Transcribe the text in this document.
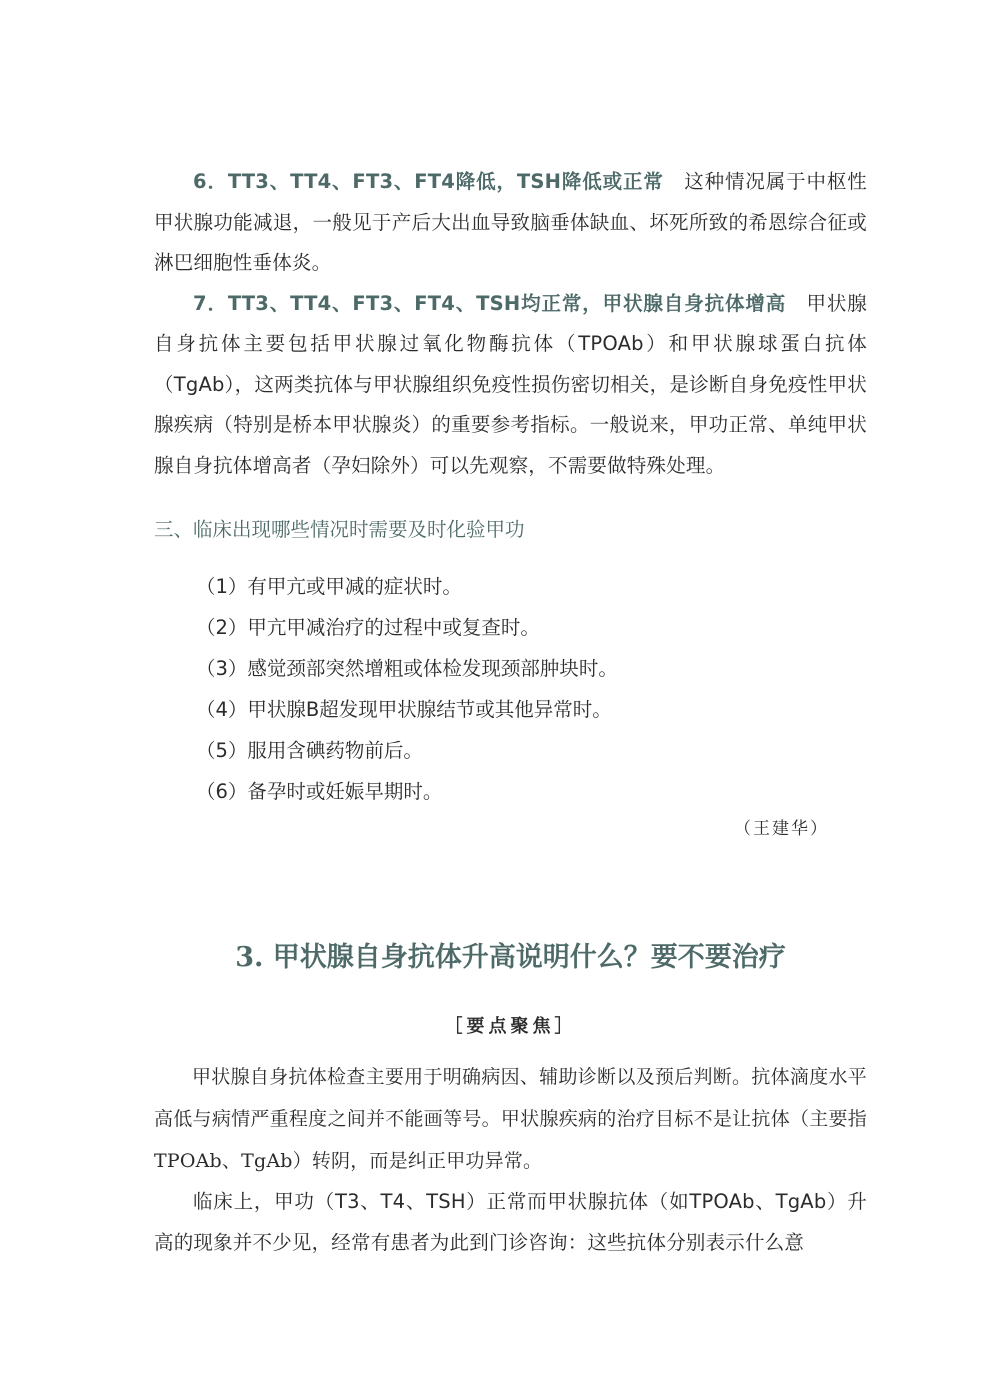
6．TT3、TT4、FT3、FT4降低，TSH降低或正常　这种情况属于中枢性甲状腺功能减退，一般见于产后大出血导致脑垂体缺血、坏死所致的希恩综合征或淋巴细胞性垂体炎。

7．TT3、TT4、FT3、FT4、TSH均正常，甲状腺自身抗体增高　甲状腺自身抗体主要包括甲状腺过氧化物酶抗体（TPOAb）和甲状腺球蛋白抗体（TgAb），这两类抗体与甲状腺组织免疫性损伤密切相关，是诊断自身免疫性甲状腺疾病（特别是桥本甲状腺炎）的重要参考指标。一般说来，甲功正常、单纯甲状腺自身抗体增高者（孕妇除外）可以先观察，不需要做特殊处理。

三、临床出现哪些情况时需要及时化验甲功
（1）有甲亢或甲减的症状时。
（2）甲亢甲减治疗的过程中或复查时。
（3）感觉颈部突然增粗或体检发现颈部肿块时。
（4）甲状腺B超发现甲状腺结节或其他异常时。
（5）服用含碘药物前后。
（6）备孕时或妊娠早期时。
（王建华）
3. 甲状腺自身抗体升高说明什么？要不要治疗
［要点聚焦］

甲状腺自身抗体检查主要用于明确病因、辅助诊断以及预后判断。抗体滴度水平高低与病情严重程度之间并不能画等号。甲状腺疾病的治疗目标不是让抗体（主要指TPOAb、TgAb）转阴，而是纠正甲功异常。

临床上，甲功（T3、T4、TSH）正常而甲状腺抗体（如TPOAb、TgAb）升高的现象并不少见，经常有患者为此到门诊咨询：这些抗体分别表示什么意
